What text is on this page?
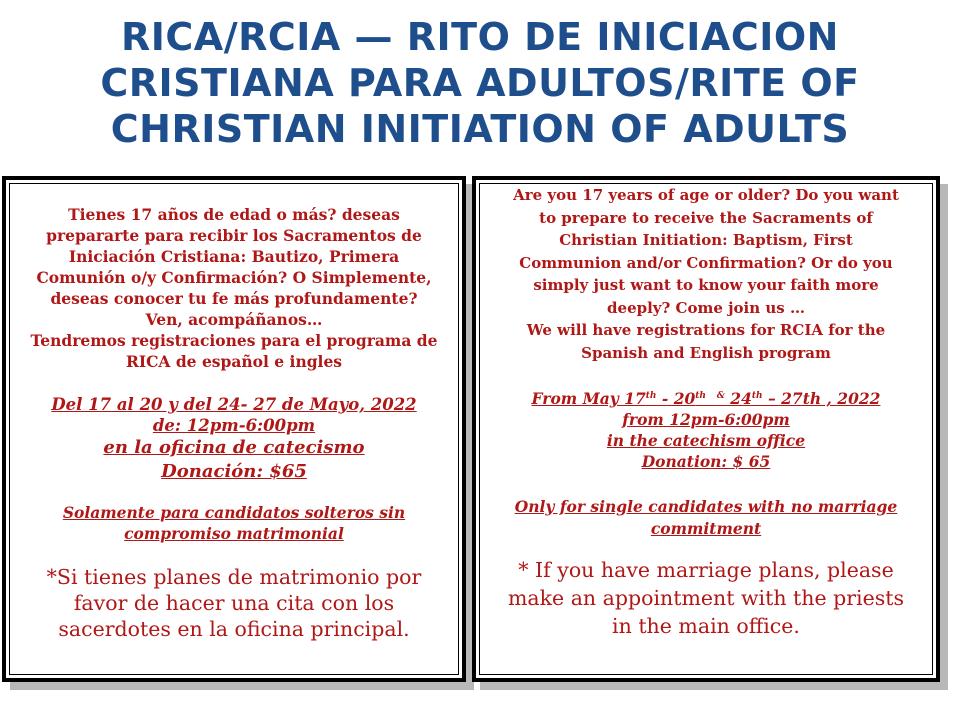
RICA/RCIA — RITO DE INICIACION
CRISTIANA PARA ADULTOS/RITE OF
CHRISTIAN INITIATION OF ADULTS

Tienes 17 años de edad o más? deseas

prepararte para recibir los Sacramentos de

Iniciación Cristiana: Bautizo, Primera

Comunión o/y Confirmación? O Simplemente,

deseas conocer tu fe más profundamente?

Ven, acompáñanos…

Tendremos registraciones para el programa de

RICA de español e ingles

Del 17 al 20 y del 24- 27 de Mayo, 2022

de: 12pm-6:00pm

en la oficina de catecismo

Donación: $65

Solamente para candidatos solteros sin

compromiso matrimonial

*Si tienes planes de matrimonio por

favor de hacer una cita con los

sacerdotes en la oficina principal.

Are you 17 years of age or older? Do you want

to prepare to receive the Sacraments of

Christian Initiation: Baptism, First

Communion and/or Confirmation? Or do you

simply just want to know your faith more

deeply? Come join us …

We will have registrations for RCIA for the

Spanish and English program

From May 17th - 20th & 24th – 27th , 2022

from 12pm-6:00pm

in the catechism office

Donation: $ 65

Only for single candidates with no marriage

commitment

* If you have marriage plans, please

make an appointment with the priests

in the main office.
